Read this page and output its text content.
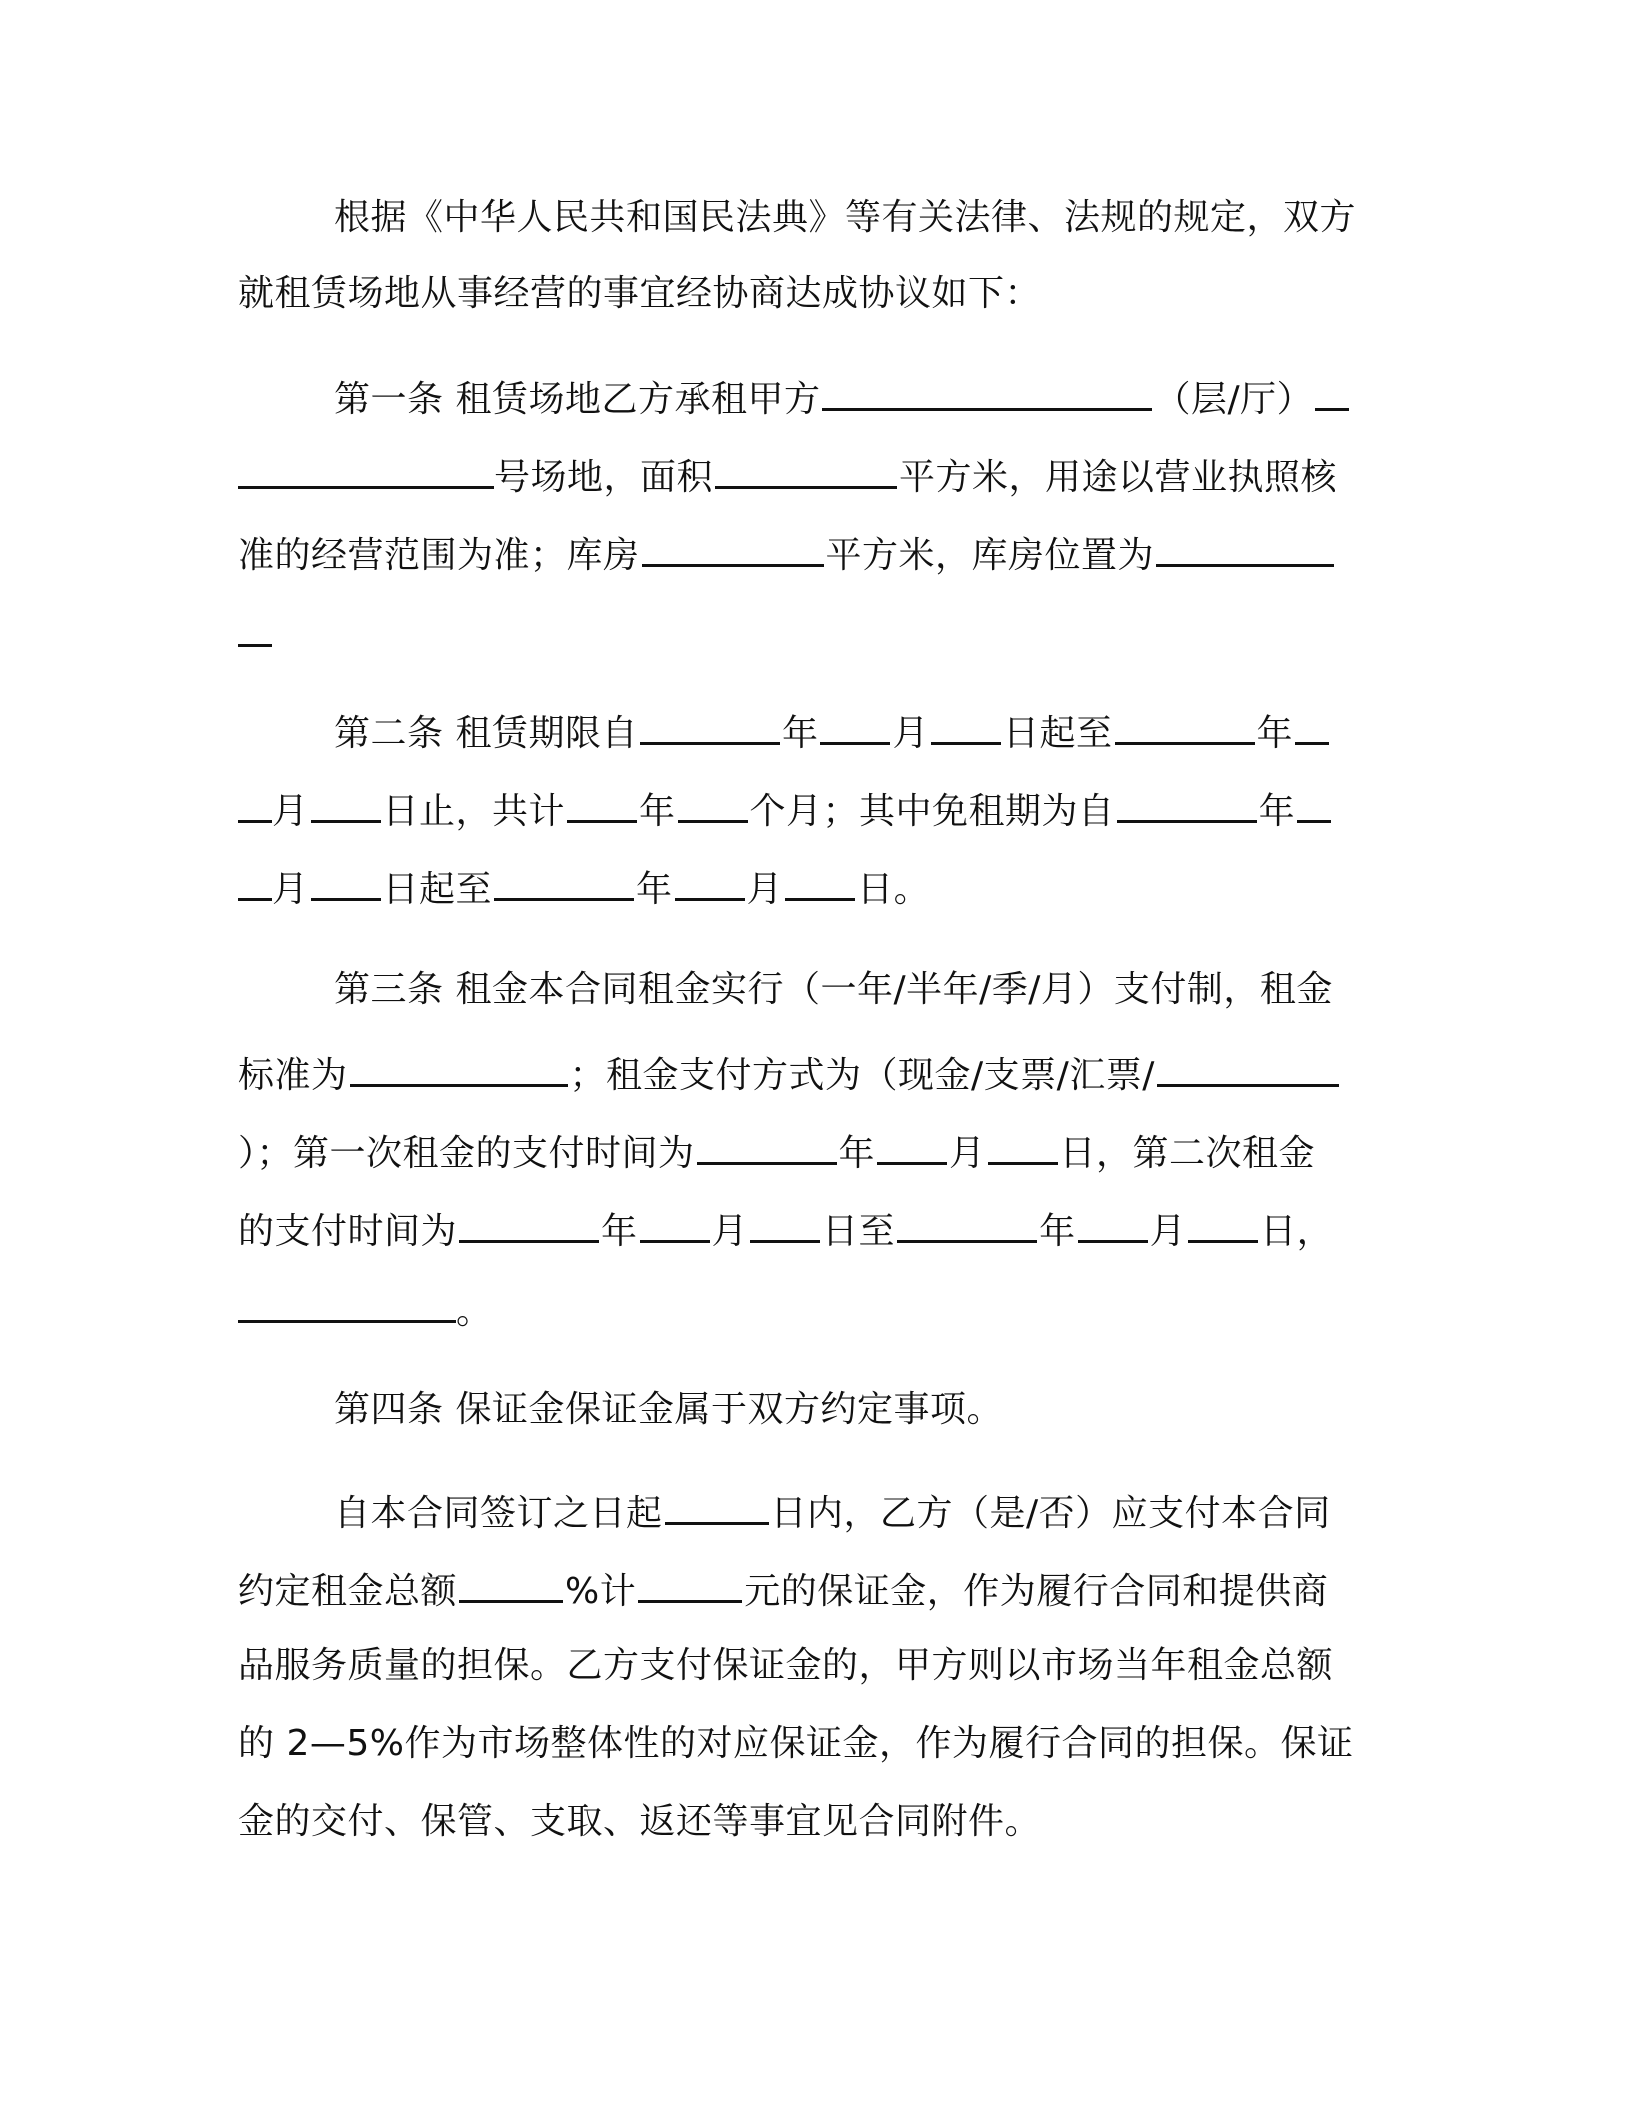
根据《中华人民共和国民法典》等有关法律、法规的规定，双方
就租赁场地从事经营的事宜经协商达成协议如下：
第一条 租赁场地乙方承租甲方	（层/厅）
号场地，面积	平方米，用途以营业执照核
准的经营范围为准；库房	平方米，库房位置为
第二条 租赁期限自	年 月 日起至	年
月 日止，共计 年 个月；其中免租期为自	年
月 日起至	年 月 日。
第三条 租金本合同租金实行（一年/半年/季/月）支付制，租金
标准为	；租金支付方式为（现金/支票/汇票/
）；第一次租金的支付时间为	年 月 日，第二次租金
的支付时间为	年 月 日至	年 月 日，
。
第四条 保证金保证金属于双方约定事项。
自本合同签订之日起	日内，乙方（是/否）应支付本合同
约定租金总额	%计	元的保证金，作为履行合同和提供商
品服务质量的担保。乙方支付保证金的，甲方则以市场当年租金总额
的 2—5%作为市场整体性的对应保证金，作为履行合同的担保。保证
金的交付、保管、支取、返还等事宜见合同附件。
